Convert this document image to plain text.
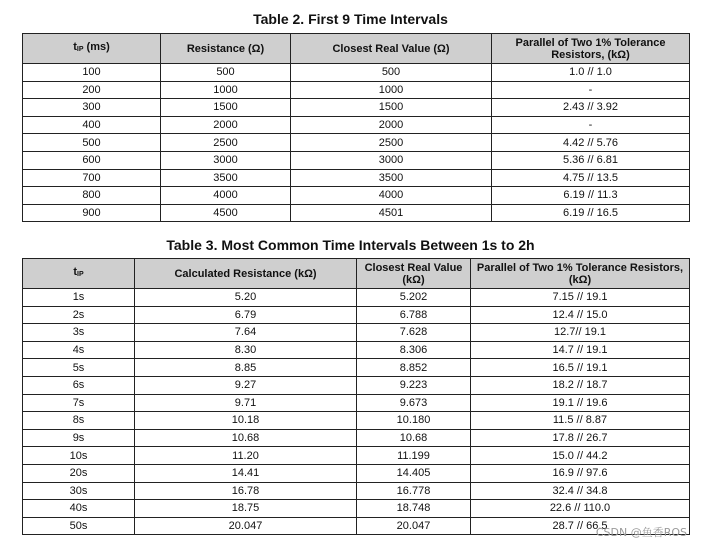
Table 2. First 9 Time Intervals
$t_{IP}$ (ms)	Resistance (Ω)	Closest Real Value (Ω)	Parallel of Two 1% Tolerance Resistors, (kΩ)
100	500	500	1.0 // 1.0
200	1000	1000	-
300	1500	1500	2.43 // 3.92
400	2000	2000	-
500	2500	2500	4.42 // 5.76
600	3000	3000	5.36 // 6.81
700	3500	3500	4.75 // 13.5
800	4000	4000	6.19 // 11.3
900	4500	4501	6.19 // 16.5
Table 3. Most Common Time Intervals Between 1s to 2h
$t_{IP}$	Calculated Resistance (kΩ)	Closest Real Value (kΩ)	Parallel of Two 1% Tolerance Resistors, (kΩ)
1s	5.20	5.202	7.15 // 19.1
2s	6.79	6.788	12.4 // 15.0
3s	7.64	7.628	12.7// 19.1
4s	8.30	8.306	14.7 // 19.1
5s	8.85	8.852	16.5 // 19.1
6s	9.27	9.223	18.2 // 18.7
7s	9.71	9.673	19.1 // 19.6
8s	10.18	10.180	11.5 // 8.87
9s	10.68	10.68	17.8 // 26.7
10s	11.20	11.199	15.0 // 44.2
20s	14.41	14.405	16.9 // 97.6
30s	16.78	16.778	32.4 // 34.8
40s	18.75	18.748	22.6 // 110.0
50s	20.047	20.047	28.7 // 66.5
CSDN @鱼香ROS
